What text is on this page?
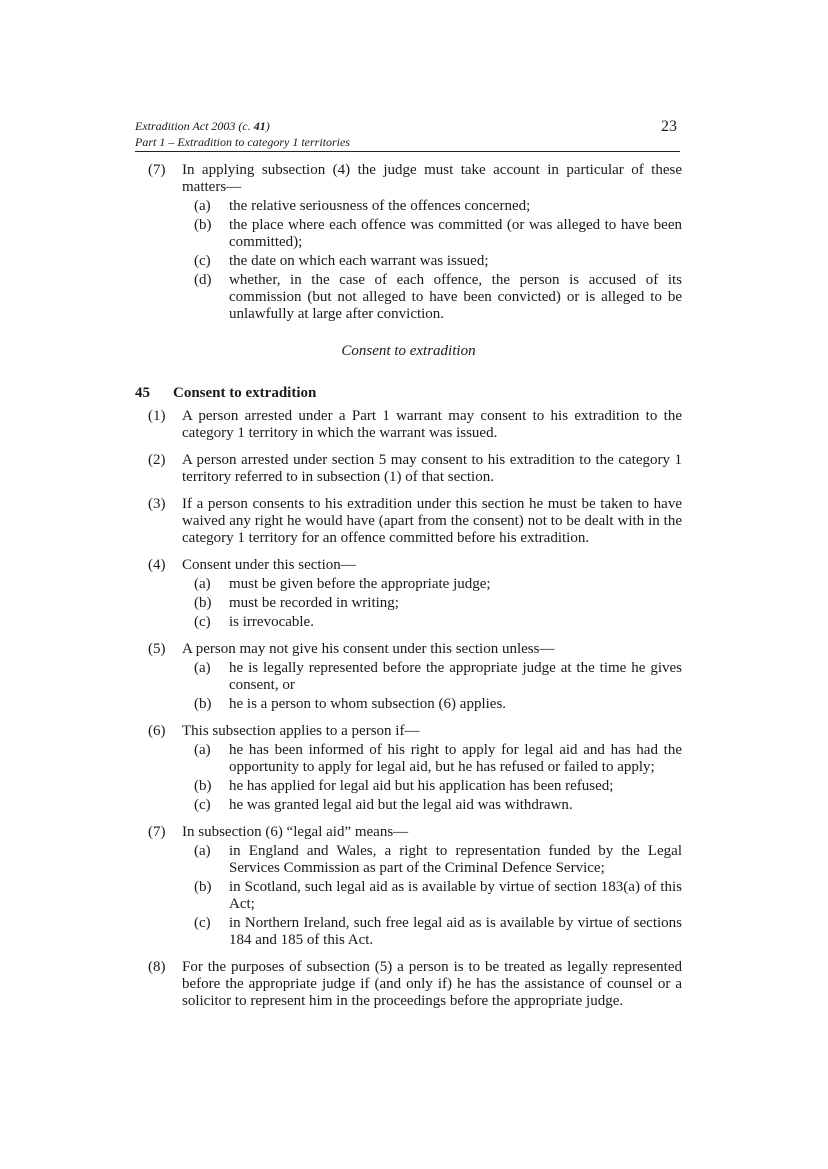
Extradition Act 2003 (c. 41)
Part 1 – Extradition to category 1 territories
23
(7) In applying subsection (4) the judge must take account in particular of these matters—
(a) the relative seriousness of the offences concerned;
(b) the place where each offence was committed (or was alleged to have been committed);
(c) the date on which each warrant was issued;
(d) whether, in the case of each offence, the person is accused of its commission (but not alleged to have been convicted) or is alleged to be unlawfully at large after conviction.
Consent to extradition
45 Consent to extradition
(1) A person arrested under a Part 1 warrant may consent to his extradition to the category 1 territory in which the warrant was issued.
(2) A person arrested under section 5 may consent to his extradition to the category 1 territory referred to in subsection (1) of that section.
(3) If a person consents to his extradition under this section he must be taken to have waived any right he would have (apart from the consent) not to be dealt with in the category 1 territory for an offence committed before his extradition.
(4) Consent under this section—
(a) must be given before the appropriate judge;
(b) must be recorded in writing;
(c) is irrevocable.
(5) A person may not give his consent under this section unless—
(a) he is legally represented before the appropriate judge at the time he gives consent, or
(b) he is a person to whom subsection (6) applies.
(6) This subsection applies to a person if—
(a) he has been informed of his right to apply for legal aid and has had the opportunity to apply for legal aid, but he has refused or failed to apply;
(b) he has applied for legal aid but his application has been refused;
(c) he was granted legal aid but the legal aid was withdrawn.
(7) In subsection (6) “legal aid” means—
(a) in England and Wales, a right to representation funded by the Legal Services Commission as part of the Criminal Defence Service;
(b) in Scotland, such legal aid as is available by virtue of section 183(a) of this Act;
(c) in Northern Ireland, such free legal aid as is available by virtue of sections 184 and 185 of this Act.
(8) For the purposes of subsection (5) a person is to be treated as legally represented before the appropriate judge if (and only if) he has the assistance of counsel or a solicitor to represent him in the proceedings before the appropriate judge.
